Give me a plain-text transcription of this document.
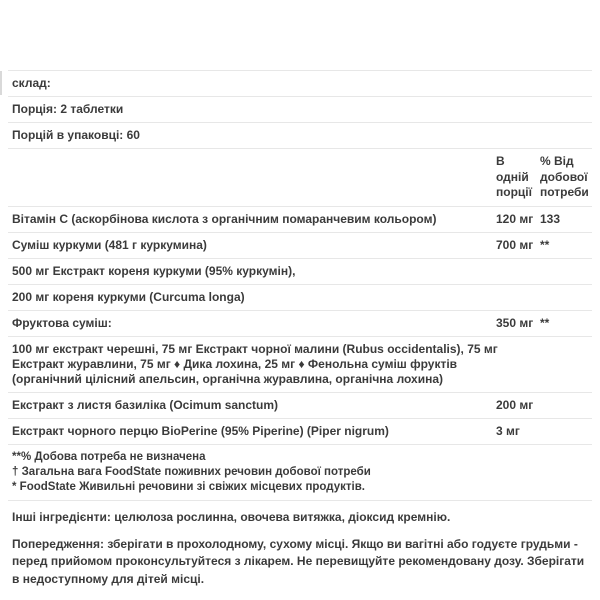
склад:
Порція: 2 таблетки
Порцій в упаковці: 60
В одній порції
% Від добової потреби
Вітамін C (аскорбінова кислота з органічним помаранчевим кольором)	120 мг 133
Суміш куркуми (481 г куркумина)	700 мг **
500 мг Екстракт кореня куркуми (95% куркумін),
200 мг кореня куркуми (Curcuma longa)
Фруктова суміш:	350 мг **
100 мг екстракт черешні, 75 мг Екстракт чорної малини (Rubus occidentalis), 75 мг Екстракт журавлини, 75 мг ♦ Дика лохина, 25 мг ♦ Фенольна суміш фруктів (органічний цілісний апельсин, органічна журавлина, органічна лохина)
Екстракт з листя базиліка (Ocimum sanctum)	200 мг
Екстракт чорного перцю BioPerine (95% Piperine) (Piper nigrum)	3 мг
**% Добова потреба не визначена
† Загальна вага FoodState поживних речовин добової потреби
* FoodState Живильні речовини зі свіжих місцевих продуктів.

Інші інгредієнти: целюлоза рослинна, овочева витяжка, діоксид кремнію.

Попередження: зберігати в прохолодному, сухому місці. Якщо ви вагітні або годуєте грудьми - перед прийомом проконсультуйтеся з лікарем. Не перевищуйте рекомендовану дозу. Зберігати в недоступному для дітей місці.
